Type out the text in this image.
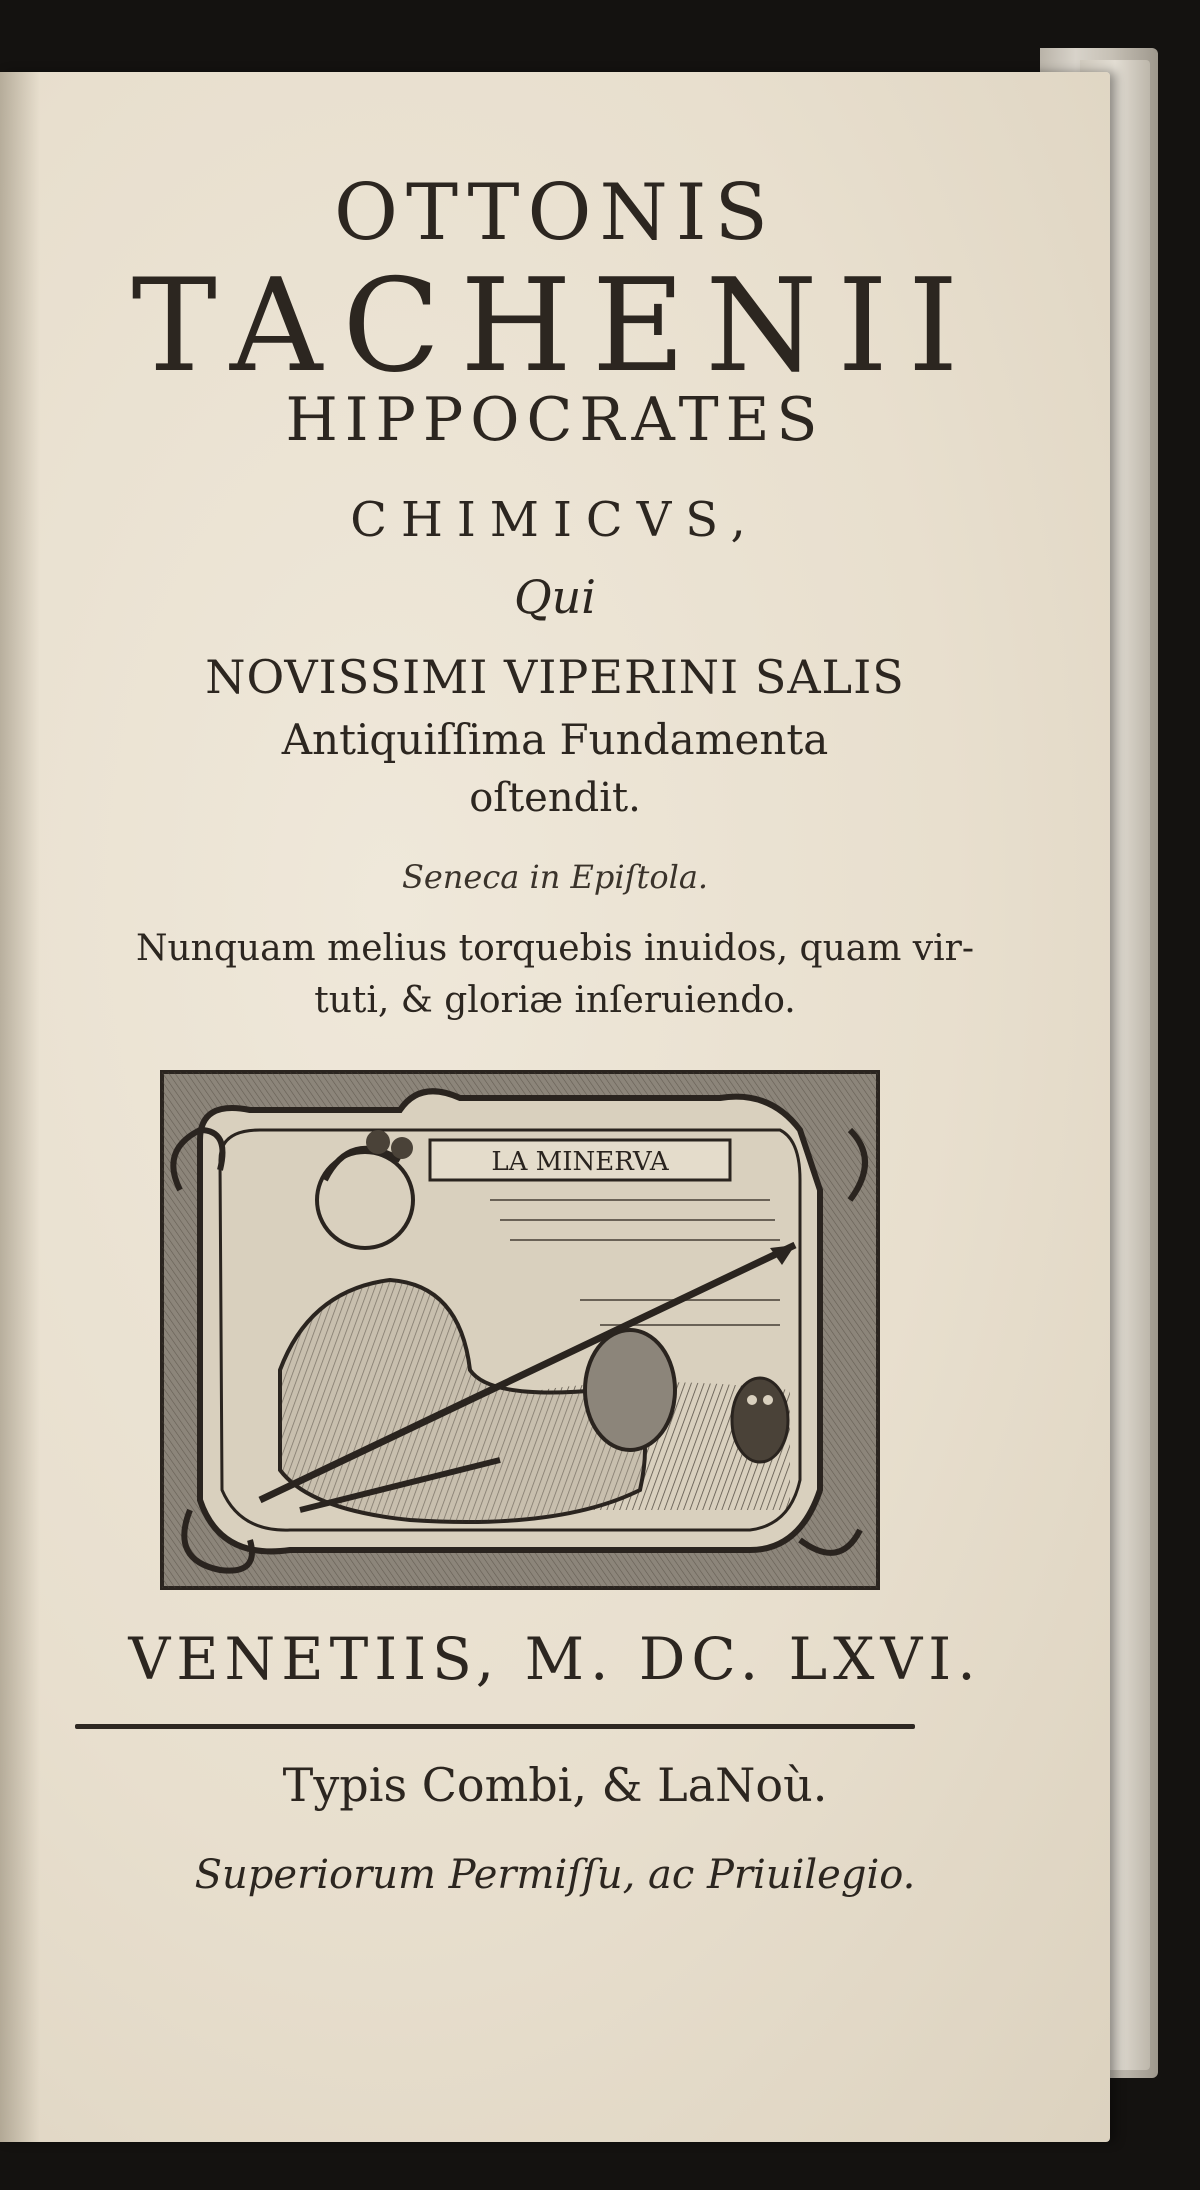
OTTONIS
TACHENII
HIPPOCRATES
CHIMICVS,
Qui
NOVISSIMI VIPERINI SALIS
Antiquiſſima Fundamenta
oſtendit.
Seneca in Epiſtola.
Nunquam melius torquebis inuidos, quam vir-
tuti, & gloriæ inſeruiendo.
LA MINERVA
VENETIIS, M. DC. LXVI.
Typis Combi, & LaNoù.
Superiorum Permiſſu, ac Priuilegio.
